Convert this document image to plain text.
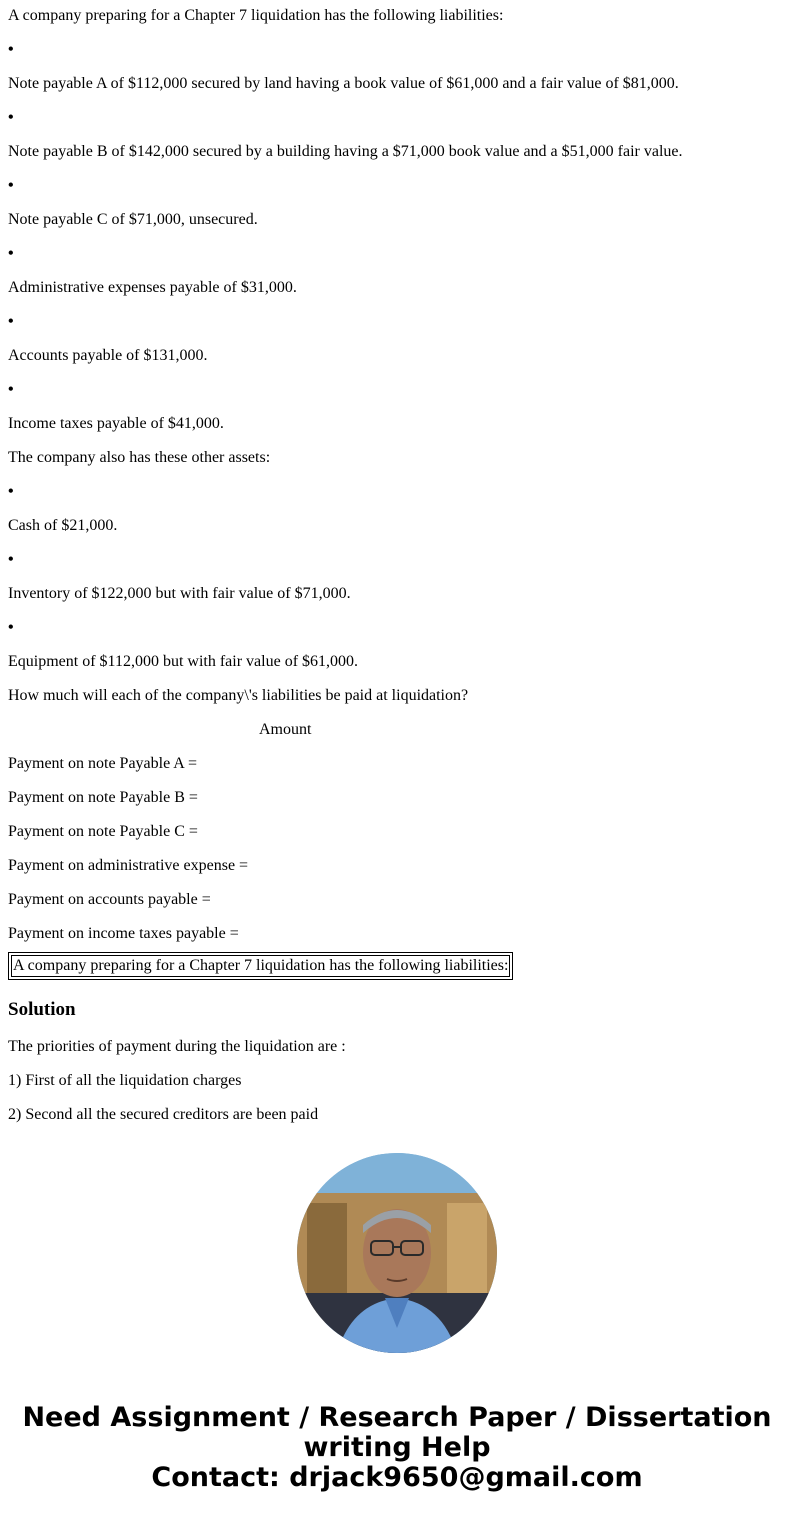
A company preparing for a Chapter 7 liquidation has the following liabilities:

•

Note payable A of $112,000 secured by land having a book value of $61,000 and a fair value of $81,000.

•

Note payable B of $142,000 secured by a building having a $71,000 book value and a $51,000 fair value.

•

Note payable C of $71,000, unsecured.

•

Administrative expenses payable of $31,000.

•

Accounts payable of $131,000.

•

Income taxes payable of $41,000.

The company also has these other assets:

•

Cash of $21,000.

•

Inventory of $122,000 but with fair value of $71,000.

•

Equipment of $112,000 but with fair value of $61,000.

How much will each of the company\'s liabilities be paid at liquidation?

Amount

Payment on note Payable A =

Payment on note Payable B =

Payment on note Payable C =

Payment on administrative expense =

Payment on accounts payable =

Payment on income taxes payable =

A company preparing for a Chapter 7 liquidation has the following liabilities:
Solution

The priorities of payment during the liquidation are :

1) First of all the liquidation charges

2) Second all the secured creditors are been paid

Need Assignment / Research Paper / Dissertation
writing Help
Contact: drjack9650@gmail.com
